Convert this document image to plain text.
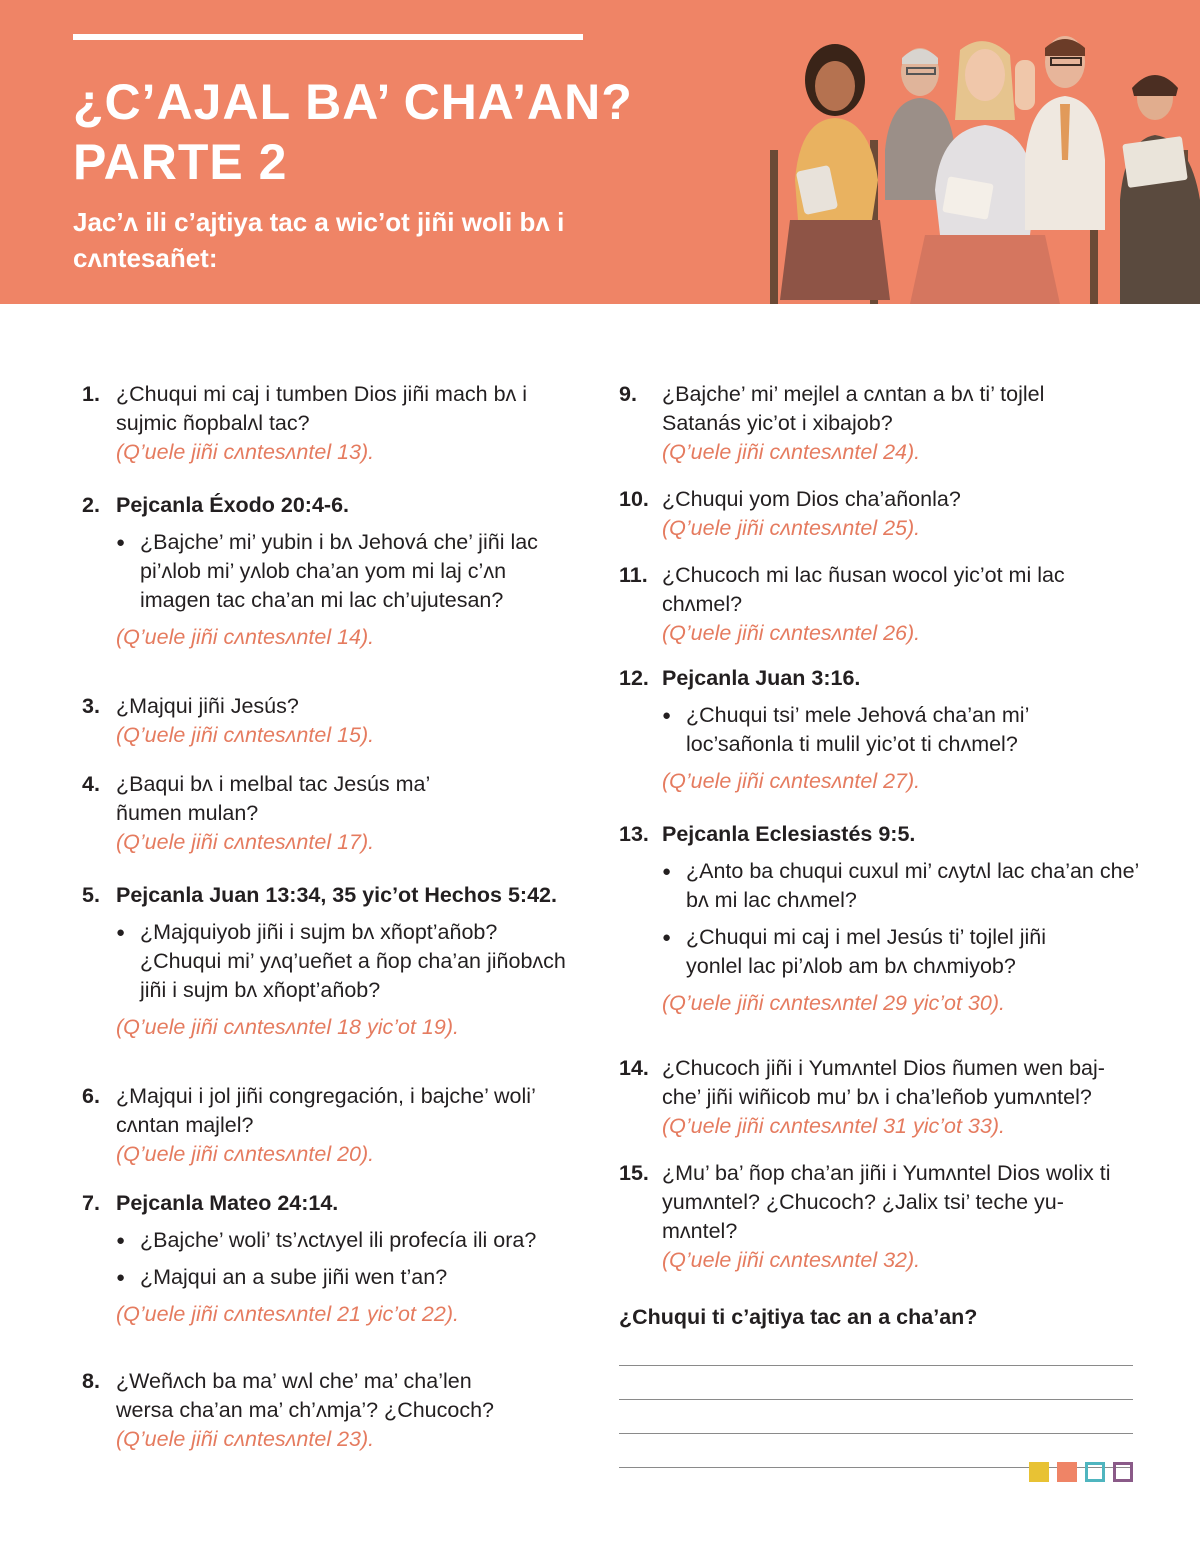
¿C’AJAL BA’ CHA’AN?
PARTE 2

Jac’ʌ ili c’ajtiya tac a wic’ot jiñi woli bʌ i cʌntesañet:

1. ¿Chuqui mi caj i tumben Dios jiñi mach bʌ i sujmic ñopbalʌl tac?
(Q’uele jiñi cʌntesʌntel 13).
2. Pejcanla Éxodo 20:4-6.
● ¿Bajche’ mi’ yubin i bʌ Jehová che’ jiñi lac pi’ʌlob mi’ yʌlob cha’an yom mi laj c’ʌn imagen tac cha’an mi lac ch’ujutesan?
(Q’uele jiñi cʌntesʌntel 14).
3. ¿Majqui jiñi Jesús?
(Q’uele jiñi cʌntesʌntel 15).
4. ¿Baqui bʌ i melbal tac Jesús ma’ ñumen mulan?
(Q’uele jiñi cʌntesʌntel 17).
5. Pejcanla Juan 13:34, 35 yic’ot Hechos 5:42.
● ¿Majquiyob jiñi i sujm bʌ xñopt’añob? ¿Chuqui mi’ yʌq’ueñet a ñop cha’an jiñobʌch jiñi i sujm bʌ xñopt’añob?
(Q’uele jiñi cʌntesʌntel 18 yic’ot 19).
6. ¿Majqui i jol jiñi congregación, i bajche’ woli’ cʌntan majlel?
(Q’uele jiñi cʌntesʌntel 20).
7. Pejcanla Mateo 24:14.
● ¿Bajche’ woli’ ts’ʌctʌyel ili profecía ili ora?
● ¿Majqui an a sube jiñi wen t’an?
(Q’uele jiñi cʌntesʌntel 21 yic’ot 22).
8. ¿Weñʌch ba ma’ wʌl che’ ma’ cha’len wersa cha’an ma’ ch’ʌmja’? ¿Chucoch?
(Q’uele jiñi cʌntesʌntel 23).
9. ¿Bajche’ mi’ mejlel a cʌntan a bʌ ti’ tojlel Satanás yic’ot i xibajob?
(Q’uele jiñi cʌntesʌntel 24).
10. ¿Chuqui yom Dios cha’añonla?
(Q’uele jiñi cʌntesʌntel 25).
11. ¿Chucoch mi lac ñusan wocol yic’ot mi lac chʌmel?
(Q’uele jiñi cʌntesʌntel 26).
12. Pejcanla Juan 3:16.
● ¿Chuqui tsi’ mele Jehová cha’an mi’ loc’sañonla ti mulil yic’ot ti chʌmel?
(Q’uele jiñi cʌntesʌntel 27).
13. Pejcanla Eclesiastés 9:5.
● ¿Anto ba chuqui cuxul mi’ cʌytʌl lac cha’an che’ bʌ mi lac chʌmel?
● ¿Chuqui mi caj i mel Jesús ti’ tojlel jiñi yonlel lac pi’ʌlob am bʌ chʌmiyob?
(Q’uele jiñi cʌntesʌntel 29 yic’ot 30).
14. ¿Chucoch jiñi i Yumʌntel Dios ñumen wen baj-che’ jiñi wiñicob mu’ bʌ i cha’leñob yumʌntel?
(Q’uele jiñi cʌntesʌntel 31 yic’ot 33).
15. ¿Mu’ ba’ ñop cha’an jiñi i Yumʌntel Dios wolix ti yumʌntel? ¿Chucoch? ¿Jalix tsi’ teche yu-mʌntel?
(Q’uele jiñi cʌntesʌntel 32).
¿Chuqui ti c’ajtiya tac an a cha’an?
